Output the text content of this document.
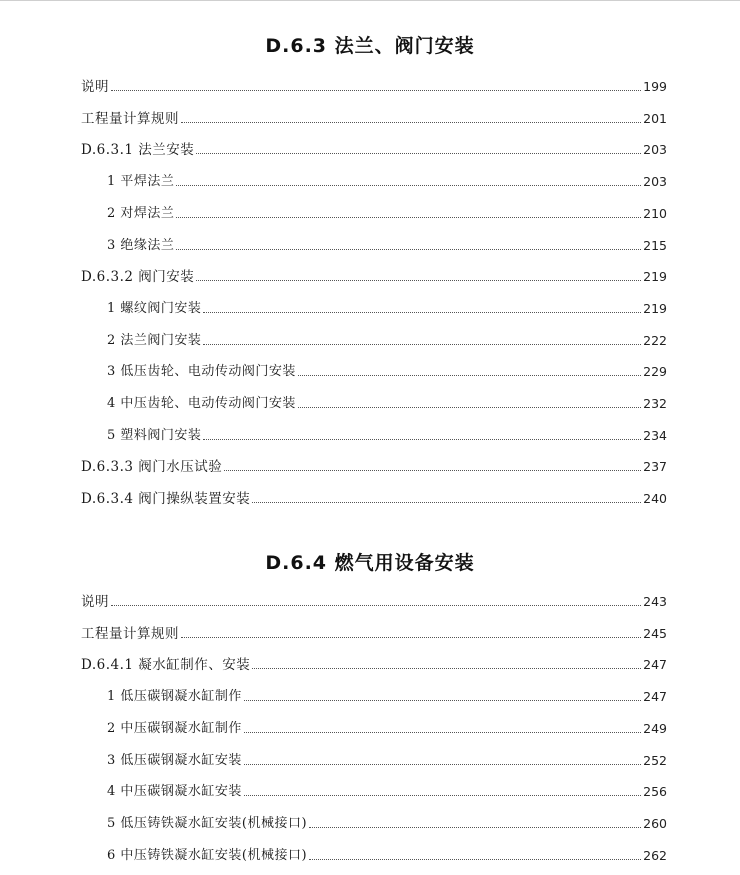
D.6.3 法兰、阀门安装
D.6.4 燃气用设备安装
说明	199
工程量计算规则	201
D.6.3.1 法兰安装	203
1 平焊法兰	203
2 对焊法兰	210
3 绝缘法兰	215
D.6.3.2 阀门安装	219
1 螺纹阀门安装	219
2 法兰阀门安装	222
3 低压齿轮、电动传动阀门安装	229
4 中压齿轮、电动传动阀门安装	232
5 塑料阀门安装	234
D.6.3.3 阀门水压试验	237
D.6.3.4 阀门操纵装置安装	240
说明	243
工程量计算规则	245
D.6.4.1 凝水缸制作、安装	247
1 低压碳钢凝水缸制作	247
2 中压碳钢凝水缸制作	249
3 低压碳钢凝水缸安装	252
4 中压碳钢凝水缸安装	256
5 低压铸铁凝水缸安装(机械接口)	260
6 中压铸铁凝水缸安装(机械接口)	262
